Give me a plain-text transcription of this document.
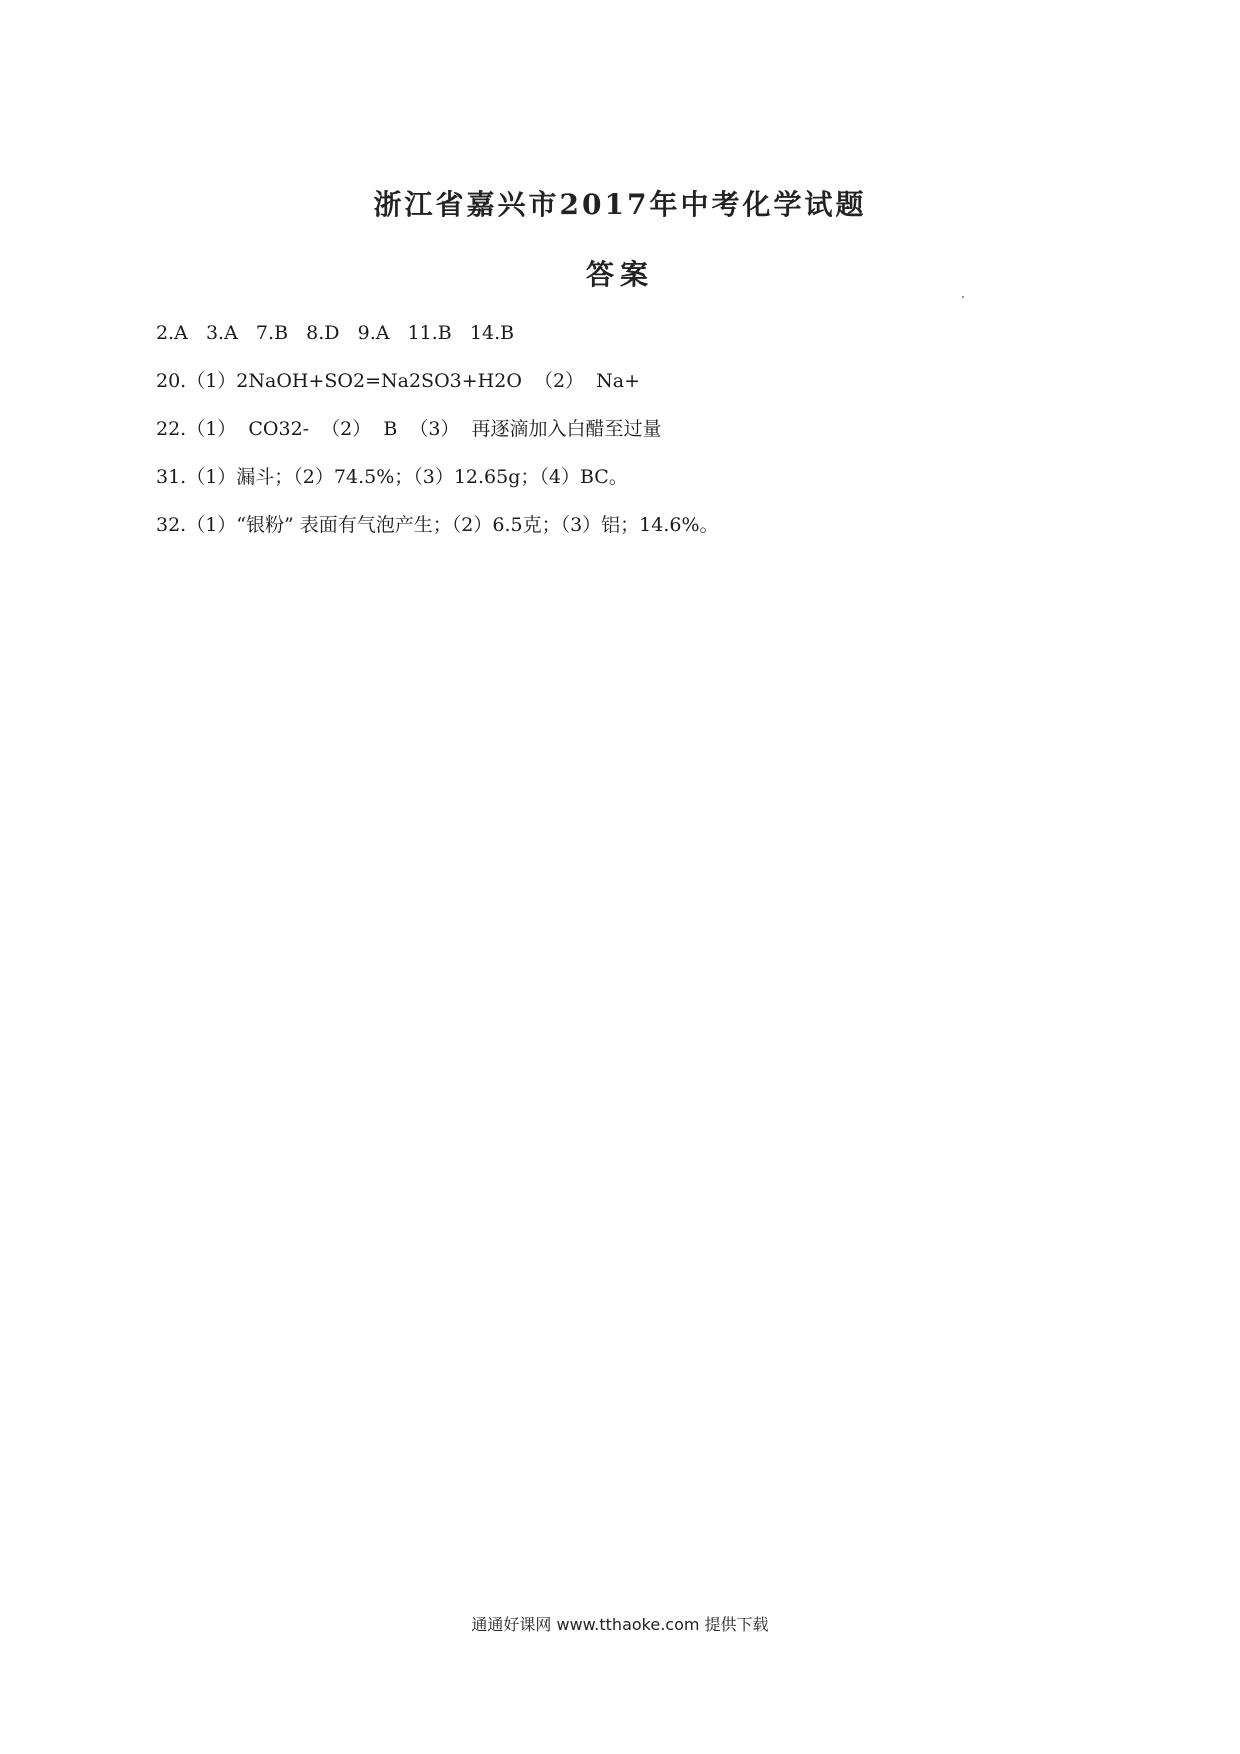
浙江省嘉兴市2017年中考化学试题
答案
2.A   3.A   7.B   8.D   9.A   11.B   14.B
20.（1）2NaOH+SO2=Na2SO3+H2O  （2）  Na+
22.（1）  CO32-  （2）  B  （3）  再逐滴加入白醋至过量
31.（1）漏斗；（2）74.5%；（3）12.65g；（4）BC。
32.（1）“银粉” 表面有气泡产生；（2）6.5克；（3）铝；14.6%。
通通好课网 www.tthaoke.com 提供下载
